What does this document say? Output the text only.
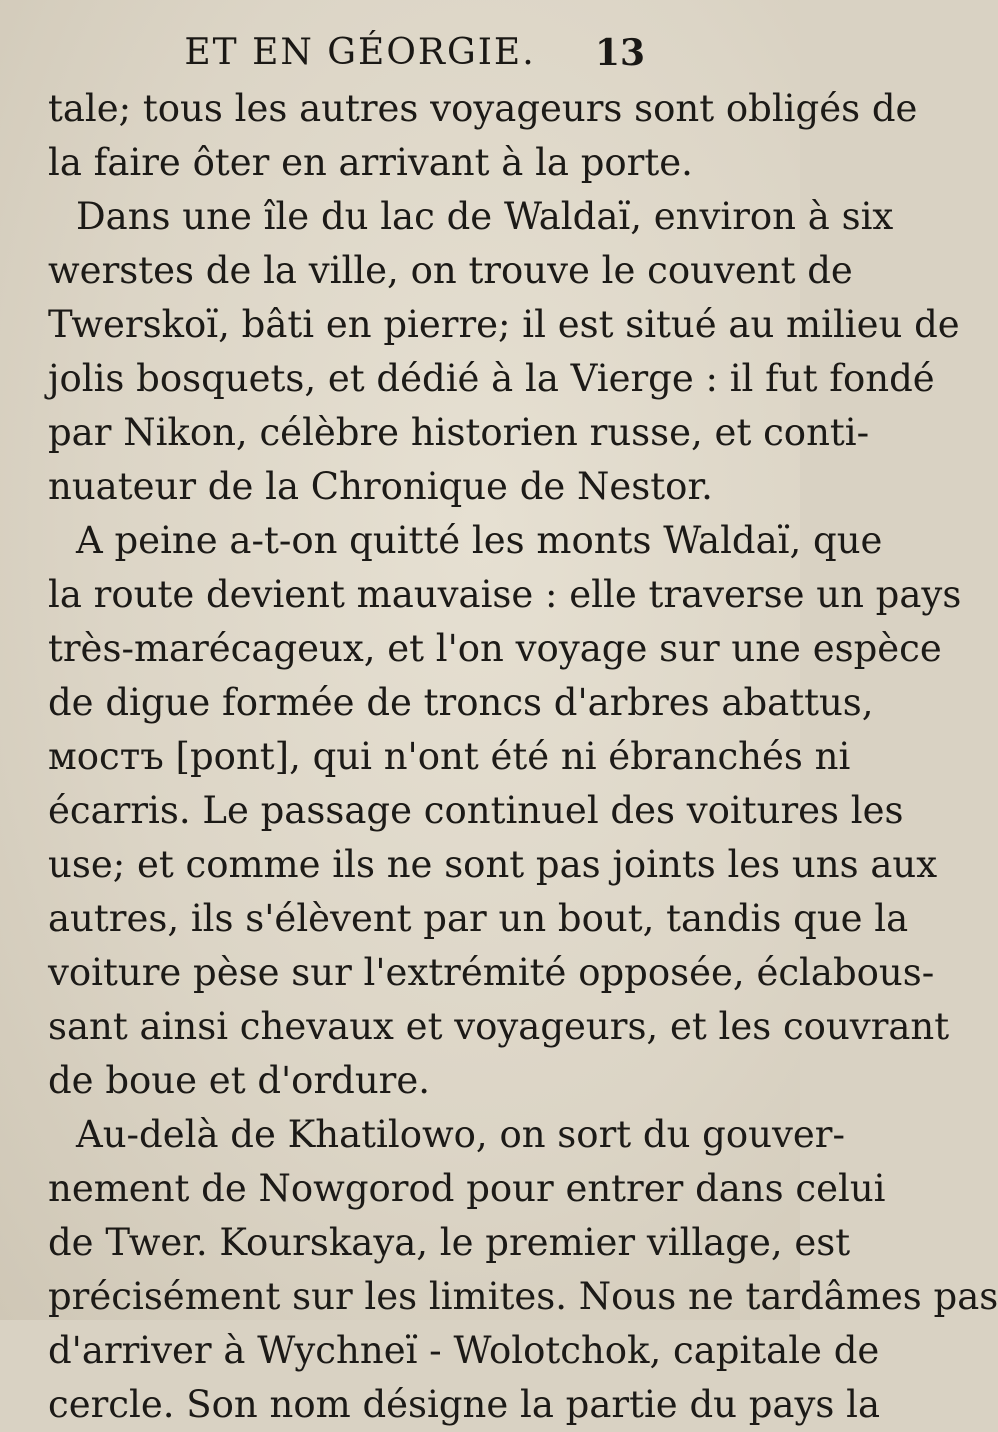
ET EN GÉORGIE. 13
tale; tous les autres voyageurs sont obligés de
la faire ôter en arrivant à la porte.
Dans une île du lac de Waldaï, environ à six
werstes de la ville, on trouve le couvent de
Twerskoï, bâti en pierre; il est situé au milieu de
jolis bosquets, et dédié à la Vierge : il fut fondé
par Nikon, célèbre historien russe, et conti-
nuateur de la Chronique de Nestor.
A peine a-t-on quitté les monts Waldaï, que
la route devient mauvaise : elle traverse un pays
très-marécageux, et l'on voyage sur une espèce
de digue formée de troncs d'arbres abattus,
мостъ [pont], qui n'ont été ni ébranchés ni
écarris. Le passage continuel des voitures les
use; et comme ils ne sont pas joints les uns aux
autres, ils s'élèvent par un bout, tandis que la
voiture pèse sur l'extrémité opposée, éclabous-
sant ainsi chevaux et voyageurs, et les couvrant
de boue et d'ordure.
Au-delà de Khatilowo, on sort du gouver-
nement de Nowgorod pour entrer dans celui
de Twer. Kourskaya, le premier village, est
précisément sur les limites. Nous ne tardâmes pas
d'arriver à Wychneï - Wolotchok, capitale de
cercle. Son nom désigne la partie du pays la
